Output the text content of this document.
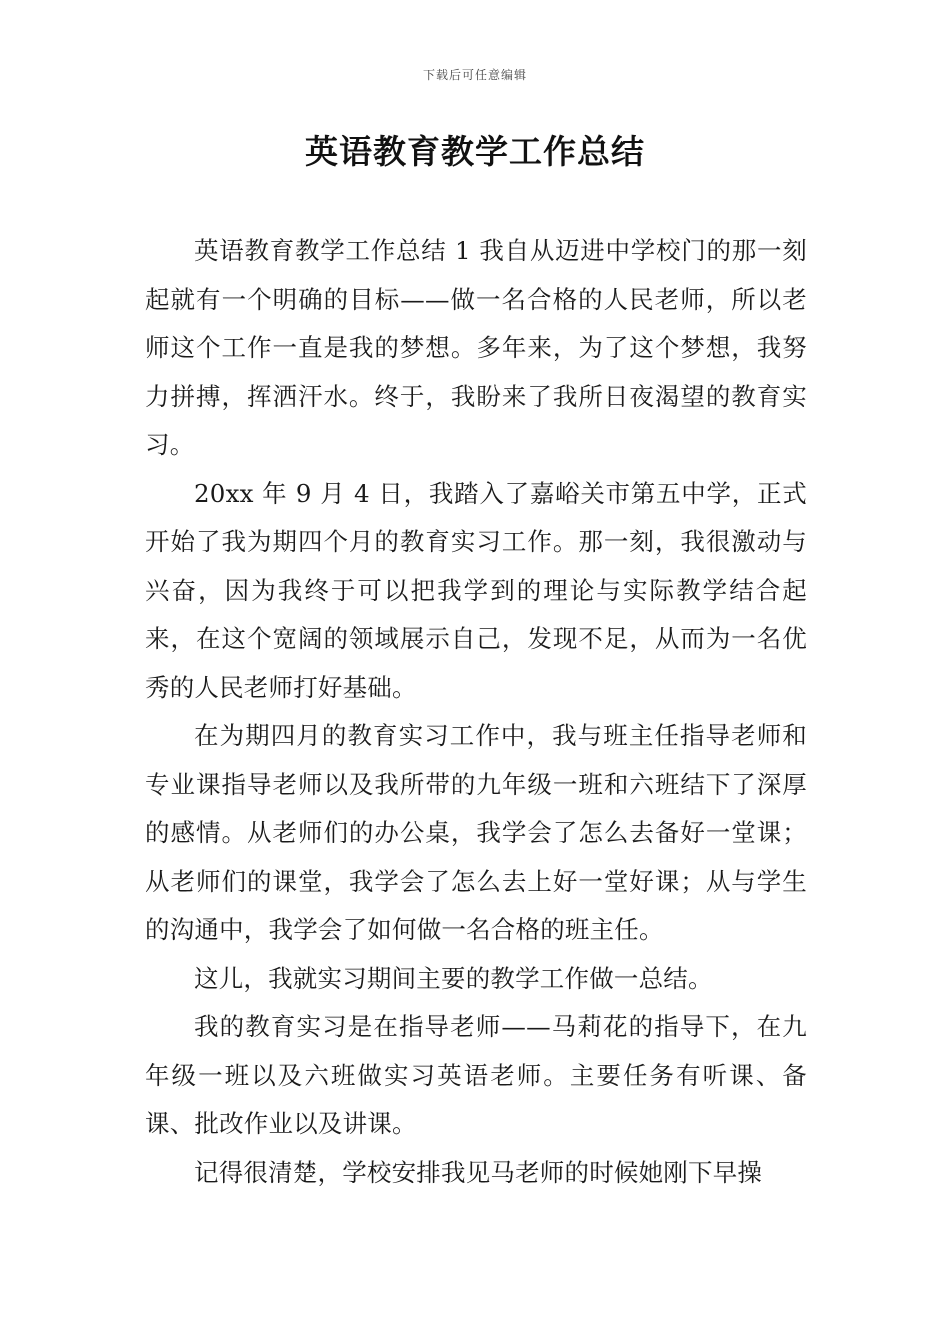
下载后可任意编辑
英语教育教学工作总结

英语教育教学工作总结 1 我自从迈进中学校门的那一刻起就有一个明确的目标——做一名合格的人民老师，所以老师这个工作一直是我的梦想。多年来，为了这个梦想，我努力拼搏，挥洒汗水。终于，我盼来了我所日夜渴望的教育实习。

20xx 年 9 月 4 日，我踏入了嘉峪关市第五中学，正式开始了我为期四个月的教育实习工作。那一刻，我很激动与兴奋，因为我终于可以把我学到的理论与实际教学结合起来，在这个宽阔的领域展示自己，发现不足，从而为一名优秀的人民老师打好基础。

在为期四月的教育实习工作中，我与班主任指导老师和专业课指导老师以及我所带的九年级一班和六班结下了深厚的感情。从老师们的办公桌，我学会了怎么去备好一堂课；从老师们的课堂，我学会了怎么去上好一堂好课；从与学生的沟通中，我学会了如何做一名合格的班主任。

这儿，我就实习期间主要的教学工作做一总结。

我的教育实习是在指导老师——马莉花的指导下，在九年级一班以及六班做实习英语老师。主要任务有听课、备课、批改作业以及讲课。

记得很清楚，学校安排我见马老师的时候她刚下早操
